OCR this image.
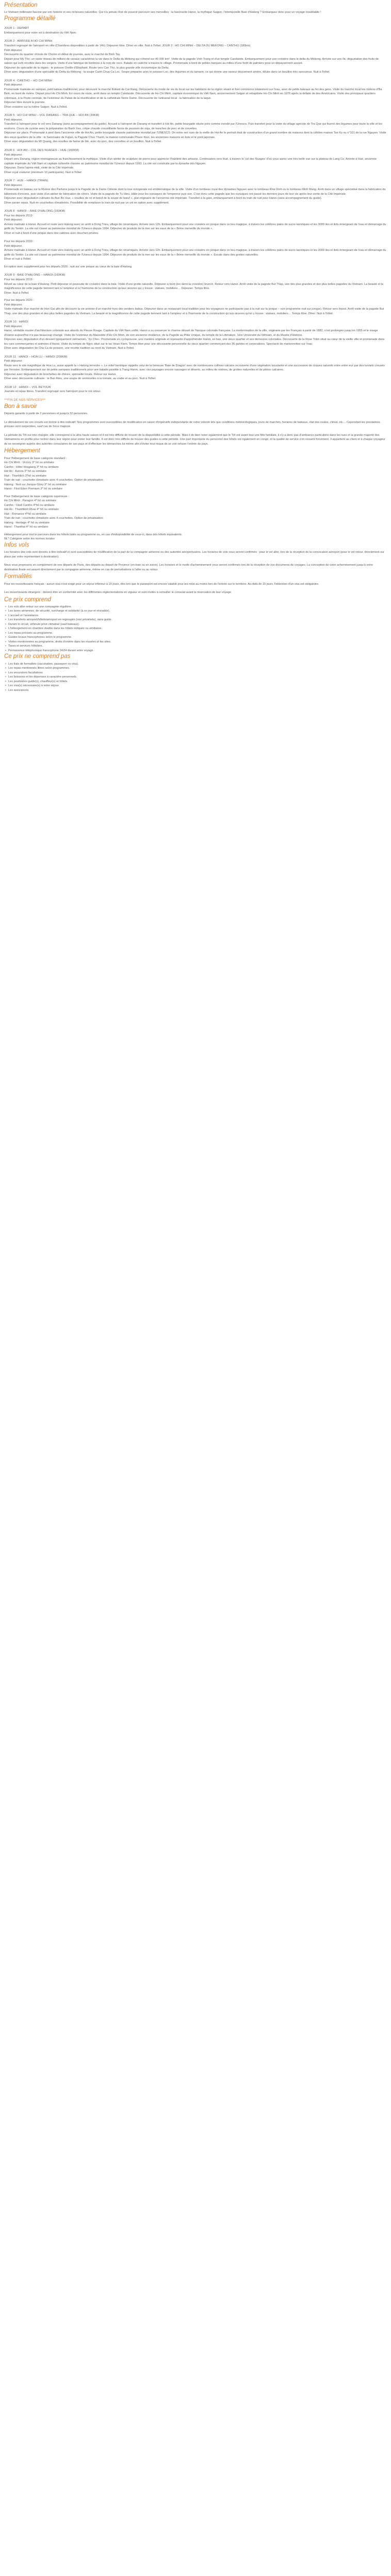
Présentation

Le Vietnam millénaire fascine par son histoire et ses richesses naturelles. Qui n'a jamais rêvé de pouvoir parcourir ses merveilles : la fascinante Hanoi, la mythique Saigon, l'intemporelle Baie d'Halong ? Embarquez donc pour un voyage inoubliable !

Programme détaillé
JOUR 1 : DEPART

Embarquement pour votre vol à destination du Viêt Nam.

JOUR 2 : ARRIVEE A HO CHI MINH

Transfert regroupé de l'aéroport en ville (Chambres disponibles à partir de 14h). Déjeuner libre. Dîner en ville. Nuit à l'hôtel. JOUR 3 : HO CHI MINH – DELTA DU MEKONG – CANTHO (180km)

Petit déjeuner.

Découverte du quartier chinois de Cholon et début de journée, avec le marché de Binh Tay.

Départ pour My Tho, un vaste réseau de milliers de canaux caractérise la vie dans le Delta du Mékong qui s'étend sur 40 000 km². Visite de la pagode Vinh Trang et d'un temple Caodaïste. Embarquement pour une croisière dans le delta du Mékong. Arrivée sur une île, dégustation des fruits de saison qui sont récoltés dans les vergers. Visite d'une fabrique de bonbons à la noix de coco. Balade en calèche à travers le village. Promenade à bord de petites barques au milieu d'une forêt de palmiers pour un dépaysement assuré.

Déjeuner de spécialité de la région : le poisson Oreille d'Elephant. Route vers Can Tho, la plus grande ville économique du Delta.

Dîner avec dégustation d'une spécialité du Delta du Mékong : la soupe Canh Chua Ca Loc. Soupe préparée avec le poisson Loc, des légumes et du tamarin, ce qui donne une saveur doucement amère, diluée dans un bouillon très savoureux. Nuit à l'hôtel.

JOUR 4 : CANTHO – HO CHI MINH

Petit déjeuner.

Promenade matinale en sampan, petit bateau traditionnel, pour découvrir le marché flottant de Cai Rang. Découverte du mode de vie du local sur les habitants de la région vivant et font commerce totalement sur l'eau, avec de petits bateaux au fer des gens. Visite du marché local les rizières d'Ba Binh, en bord de rivière. Départ pour Ho Chi Minh. En cours de route, arrêt dans un temple Caodaïste. Découverte de Ho Chi Minh, capitale économique du Viêt Nam, anciennement Saigon et rebaptisée Ho Chi Minh en 1976 après la défaite de des Américains. Visite des principaux quartiers coloniaux, à la Poste centrale, de l'extérieur du Palais de la réunification et de la cathédrale Notre Dame. Découverte de l'artisanat local : la fabrication de la laque.

Déjeuner libre durant la journée.

Dîner croisière sur la rivière Saigon. Nuit à l'hôtel.

JOUR 5 : HO CHI MINH – VOL DANANG – TRA QUE – HOI AN (30KM)

Petit déjeuner.

Transfert à l'aéroport pour le vol vers Danang (sans accompagnement du guide). Accueil à l'aéroport de Danang et transfert à Hoi An, petite bourgade située près comme inondé par l'Unesco. Puis transfert pour la visite du village agricole de Tra Que qui fournit des légumes pour toute la ville et les environs. Cours de cuisine avec la préparation du Banh Xeo, crêpe chaude croustillante farcie de pousses de soja, de tranches de porc et de crevettes.

Déjeuner sur place. Promenade à pied dans l'ancienne ville de Hoi An, petite bourgade classée patrimoine mondial par l'UNESCO. On entre ses rues de la vieille de Hoi An le portrait était de construction d'un grand nombre de maisons dont la célèbre maison Tan Ky ou n°101 de la rue Nguyen. Visite des vieux quartiers de la ville : le Sanctuaire de Fujian, la Pagode Chuc Thanh, la maison communale Phuoc Kien, les anciennes maisons en bois et le pont japonais.

Dîner avec dégustation du MI Quang, des nouilles de farine de blé, avec du porc, des crevettes et un bouillon. Nuit à l'hôtel.

JOUR 6 : HOI AN – COL DES NUAGES – HUE (160KM)

Petit déjeuner.

Départ vers Danang, région montagneuse au franchissement la mythique. Visite d'un atelier de sculpture de pierre pour apprécier l'habileté des artisans. Continuation vers Hué, à travers le 'col des Nuages' d'où vous aurez une très belle vue sur la plateau de Lang Co. Arrivée à Hué, ancienne capitale impériale du Viêt Nam et capitale culturelle classée au patrimoine mondial de l'Unesco depuis 1993. La cité est construite par la dynastie des Nguyen.

Déjeuner. Dans l'après-midi, visite de la Cité Impériale.

Dîner royal costumé (minimum 10 participants). Nuit à l'hôtel.

JOUR 7 : HUE – HANOI (TRAIN)

Petit déjeuner.

Promenade en bateau sur la Rivière des Parfums jusqu'à la Pagode de la Dame Céleste dont la tour octogonale est emblématique de la ville. Visite d'un tombeau royal des dynasties Nguyen avec le tombeau Khai Dinh ou le tombeau Minh Mang. Arrêt dans un village spécialisé dans la fabrication de bâtonnets d'encens, puis visite d'un atelier de fabrication de cônes. Visite de la pagode de Tu Hieu, bâtie pour les eunuques de l'empereur puis son. C'est donc cette pagode que les eunuques ont passé les derniers jours de leur vie après leur sortie de la Cité Impériale.

Déjeuner avec dégustation culinaire du Bun Bo Hue, « nouilles de riz et bœuf de la soupe de bœuf », plat originaire de l'ancienne cité impériale. Transfert à la gare, embarquement à bord du train de nuit pour Hanoi (sans accompagnement du guide).

Dîner panier repas. Nuit en couchettes climatisées. Possibilité de remplacer le train de nuit par un vol en option avec supplément.

JOUR 8 : HANOI – BAIE D'HALONG (160KM)

Pour les départs 2019 :

Petit déjeuner.

Arrivée matinale à Hanoi. Accueil et route vers Halong avec un arrêt à Dong Trieu, village de céramiques. Arrivée vers 12h. Embarquement pour une croisière en jonque dans ce lieu magique, à travers les célèbres pains de sucre karstiques et les 3000 iles et ilots émergeant de l'eau et démarrage du golfe du Tonkin. La site est classé au patrimoine mondial de l'Unesco depuis 1994. Déjeuner de produits de la mer sur les eaux de la « 8ème merveille du monde ».

Dîner et nuit à bord d'une jonque dans des cabines avec douches privées.

Pour les départs 2020 :

Petit déjeuner.

Arrivée matinale à Hanoi. Accueil et route vers Halong avec un arrêt à Dong Trieu, village de céramiques. Arrivée vers 12h. Embarquement pour une croisière en jonque dans ce lieu magique, à travers les célèbres pains de sucre karstiques et les 3000 iles et ilots émergeant de l'eau et démarrage du golfe du Tonkin. La site est classé au patrimoine mondial de l'Unesco depuis 1994. Déjeuner de produits de la mer sur les eaux de la « 8ème merveille du monde ». Escale dans des grottes naturelles.

Dîner et nuit à l'hôtel.

En option avec supplément pour les départs 2020 : nuit sur une jonque au cœur de la baie d'Halong.

JOUR 9 : BAIE D'HALONG – HANOI (160KM)

Pour les départs 2019 :

Réveil au cœur de la baie d'Halong. Petit déjeuner et poursuite de croisière dans la baie. Visite d'une grotte naturelle. Déjeuner à bord (les demi-la croisière) brunch. Retour vers Hanoi. Arrêt visite de la pagode But Thap, une des plus grandes et des plus belles pagodes du Vietnam. La beauté et la magnificence de cette pagode tiennent tant à l'ampleur et à l'harmonie de la construction qu'aux œuvres qui y trouve : statues, mobiliers… Déjeuner. Temps libre.

Dîner. Nuit à l'hôtel.

Pour les départs 2020 :

Petit déjeuner.

Visite matinale d'un marché de Hon Gai afin de découvrir la vie animée d'un marché hors des sentiers battus. Déjeuner dans un restaurant local tradition pour les voyageurs ne participants pas à la nuit sur la jonque – voir programme nuit sur jonque). Retour vers Hanoi. Arrêt visite de la pagode But Thap, une des plus grandes et des plus belles pagodes du Vietnam. La beauté et la magnificence de cette pagode tiennent tant à l'ampleur et à l'harmonie de la construction qu'aux œuvres qu'on y trouve : statues, mobiliers… Temps libre. Dîner. Nuit à l'hôtel.

JOUR 10 : HANOI

Petit déjeuner.

Hanoi, véritable musée d'architecture coloniale aux abords du Fleuve Rouge. Capitale du Viêt Nam unifié, Hanoi a su conserver le charme désuet de l'époque coloniale française. La modernisation de la ville, originaire par les Français à partir de 1882, s'est prolongée jusqu'en 1955 et le visage d'Hanoi aujourd'hui n'a pas beaucoup changé. Visite de l'extérieur du Mausolée d'Ho Chi Minh, de son ancienne résidence, de la Pagode au Pilier Unique, du temple de la Littérature, 1ère Université du Viêtnam, et du Musée d'Histoire.

Déjeuner avec dégustation d'un dessert typiquement vietnamien, 'Xo Che». Promenade en cyclopousse, une manière originale et reposante d'appréhender Hanoi, en bas, une vieux quartier et ses demeures coloniales. Découverte de la Rose Trăm situé au cœur de la vieille ville et promenade dans les rues commerçantes et animées d'Hanoi. Visite du temple de Ngoc situé sur le lac Hoan Kiem. Temps libre pour une découverte personnelle du vieux quartier commerçant des 36 guildes et corporations. Spectacle de marionnettes sur l'eau.

Dîner avec dégustation de Cha Ca de poisson, une recette tradition au nord du Vietnam. Nuit à l'hôtel.

JOUR 11 : HANOI – HOA LU – HANOI (200KM)

Petit déjeuner.

Route vers le site magnifique de Hoa Lu, aussi appelé la « Halong terrestre ». Le relief karstique rappelle celui de la fameuse 'Baie de Dragon' avec de nombreuses collines calcaire recouverte d'une végétation luxuriante et une succession de cirques naturels entre entre eux par des tunnels creusés par l'érosion. Embarquement sur de petits sampans traditionnels pour une balade paisible à Trang Hanm, avec ces paysages encore sauvages et déserts, au milieu de rizières, de grottes naturelles et de pitons calcaires.

Déjeuner avec dégustation de brochettes de chèvre, spécialité locale. Retour sur Hanoi.

Dîner avec découverte culinaire : le Bun Rieu, une soupe de vermicelles à la tomate, au crabe et au porc. Nuit à l'hôtel.

JOUR 12 : HANOI – VOL RETOUR

Journée et repas libres. Transfert regroupé vers l'aéroport pour le vol retour.

***FIN DE NOS SERVICES***
Bon à savoir

Départs garantis à partir de 2 personnes et jusqu'à 32 personnes.

Le déroulement de ces circuits est donné à titre indicatif. Nos programmes sont susceptibles de modification en raison d'impératifs indépendants de notre volonté tels que conditions météorologiques, jours de marchés, horaires de bateaux, état des routes, climat, etc… Cependant les prestations prévues sont respectées, sauf cas de force majeure.

La période du Têt est très chargée, elle correspond à la ultra haute saison et il est très difficile de trouver de la disponibilité à cette période. Mais il de bien noter également que le Têt est avant tout une fête familiale, il n'y a donc pas d'ambiance particulière dans les rues et la grande majorité des Vietnamiens en profite pour rentrer dans leur région pour visiter leur famille. Il est donc très difficile de trouver des guides à cette période. Une part importante du personnel des hôtels est également en congé, et la qualité de service s'en ressent forcément. Il appartient au client et à chaque voyageur de se renseigner auprès des autorités consulaires de son pays et d'effectuer les démarches lui même afin d'éviter tout risque de se voir refuser l'entrée du pays.

Hébergement

Pour l'hébergement de base catégorie standard :

Ho Chi Minh : Victory 3* hô ou similaire

Cantho : Hôtel Hoagiang 3* hô ou similaire

Hoi An : Aurora 3* hô ou similaire

Hué : Thanhlich 3*hô ou similaire

Train de nuit : couchette climatisée avec 4 couchettes. Option de privatisation.

Halong : Nuit sur Jonque Glory 3* hô ou similaire

Hanoi : First Eden Premium 3* hô ou similaire

Pour l'hébergement de base catégorie supérieure :

Ho Chi Minh : Paragon 4* hô ou similaire

Cantho : Västl Cantho 4*hô ou similaire

Hoi An : Thanhbinh Rivai 4* hô ou similaire

Hué : Romance 4*hô ou similaire

Train de nuit : couchette climatisée avec 4 couchettes. Option de privatisation.

Halong : Heritage 4* hô ou similaire

Hanoi : Thanthai 4* hô ou similaire

Hébergement pour tout le parcours dans les hôtels listés au programme ou, en cas d'indisponibilité de ceux-ci, dans des hôtels équivalents.

NL* Catégorie selon les normes locales

Infos vols

Les horaires des vols sont donnés à titre indicatif et sont susceptibles de modification de la part de la compagnie aérienne ou des autorités aéroportuaires. Les horaires de vols vous seront confirmés : pour le vol aller, lors de la réception de la convocation aéroport (pour le vol retour, directement sur place par votre représentant à destination).

Nous vous proposons en complément de nos départs de Paris, des départs au départ de Province (en train ou en avion). Les horaires et le mode d'acheminement vous seront confirmés lors de la réception de vos documents de voyages. La conception de votre acheminement jusqu'à votre destination finale est assuré directement par la compagnie aérienne, même en cas de perturbations à l'aller ou au retour.

Formalités

Pour les ressortissants français : aucun visa n'est exigé pour un séjour inférieur à 15 jours, dès lors que le passeport est encore valable pour les mois au moins lors de l'entrée sur le territoire. Au-delà de 15 jours, l'obtention d'un visa est obligatoire.

Les ressortissants étrangers : doivent être en conformité avec les différentes réglementations en vigueur et sont invités à consulter le consulat avant la réservation de leur voyage.

Ce prix comprend
• Les vols aller-retour sur une compagnie régulière.
• Les taxes aériennes, de sécurité, surcharge et solidarité (à ce jour et révisable).
• L'accueil et l'assistance.
• Les transferts aéroport/hôtels/aéroport en regroupés (non privatisés), sans guide.
• Durant le circuit, véhicule privé climatisé (sauf bateaux).
• L'hébergement en chambre double dans les hôtels indiqués ou similaires.
• Les repas précisés au programme.
• Guides locaux francophones selon le programme.
• Visites mentionnées au programme, droits d'entrée dans les musées et les sites.
• Taxes et services hôteliers.
• Permanence téléphonique francophone 24/24 durant votre voyage.
Ce prix ne comprend pas
• Les frais de formalités (vaccination, passeport ou visa).
• Les repas mentionnés libres selon programmes.
• Les excursions facultatives
• Les boissons et les dépenses à caractère personnels.
• Les pourboires guide(s), chauffeur(s) et hôtels.
• Les visa(s) nécessaire(s) à votre séjour.
• Les assurances.
